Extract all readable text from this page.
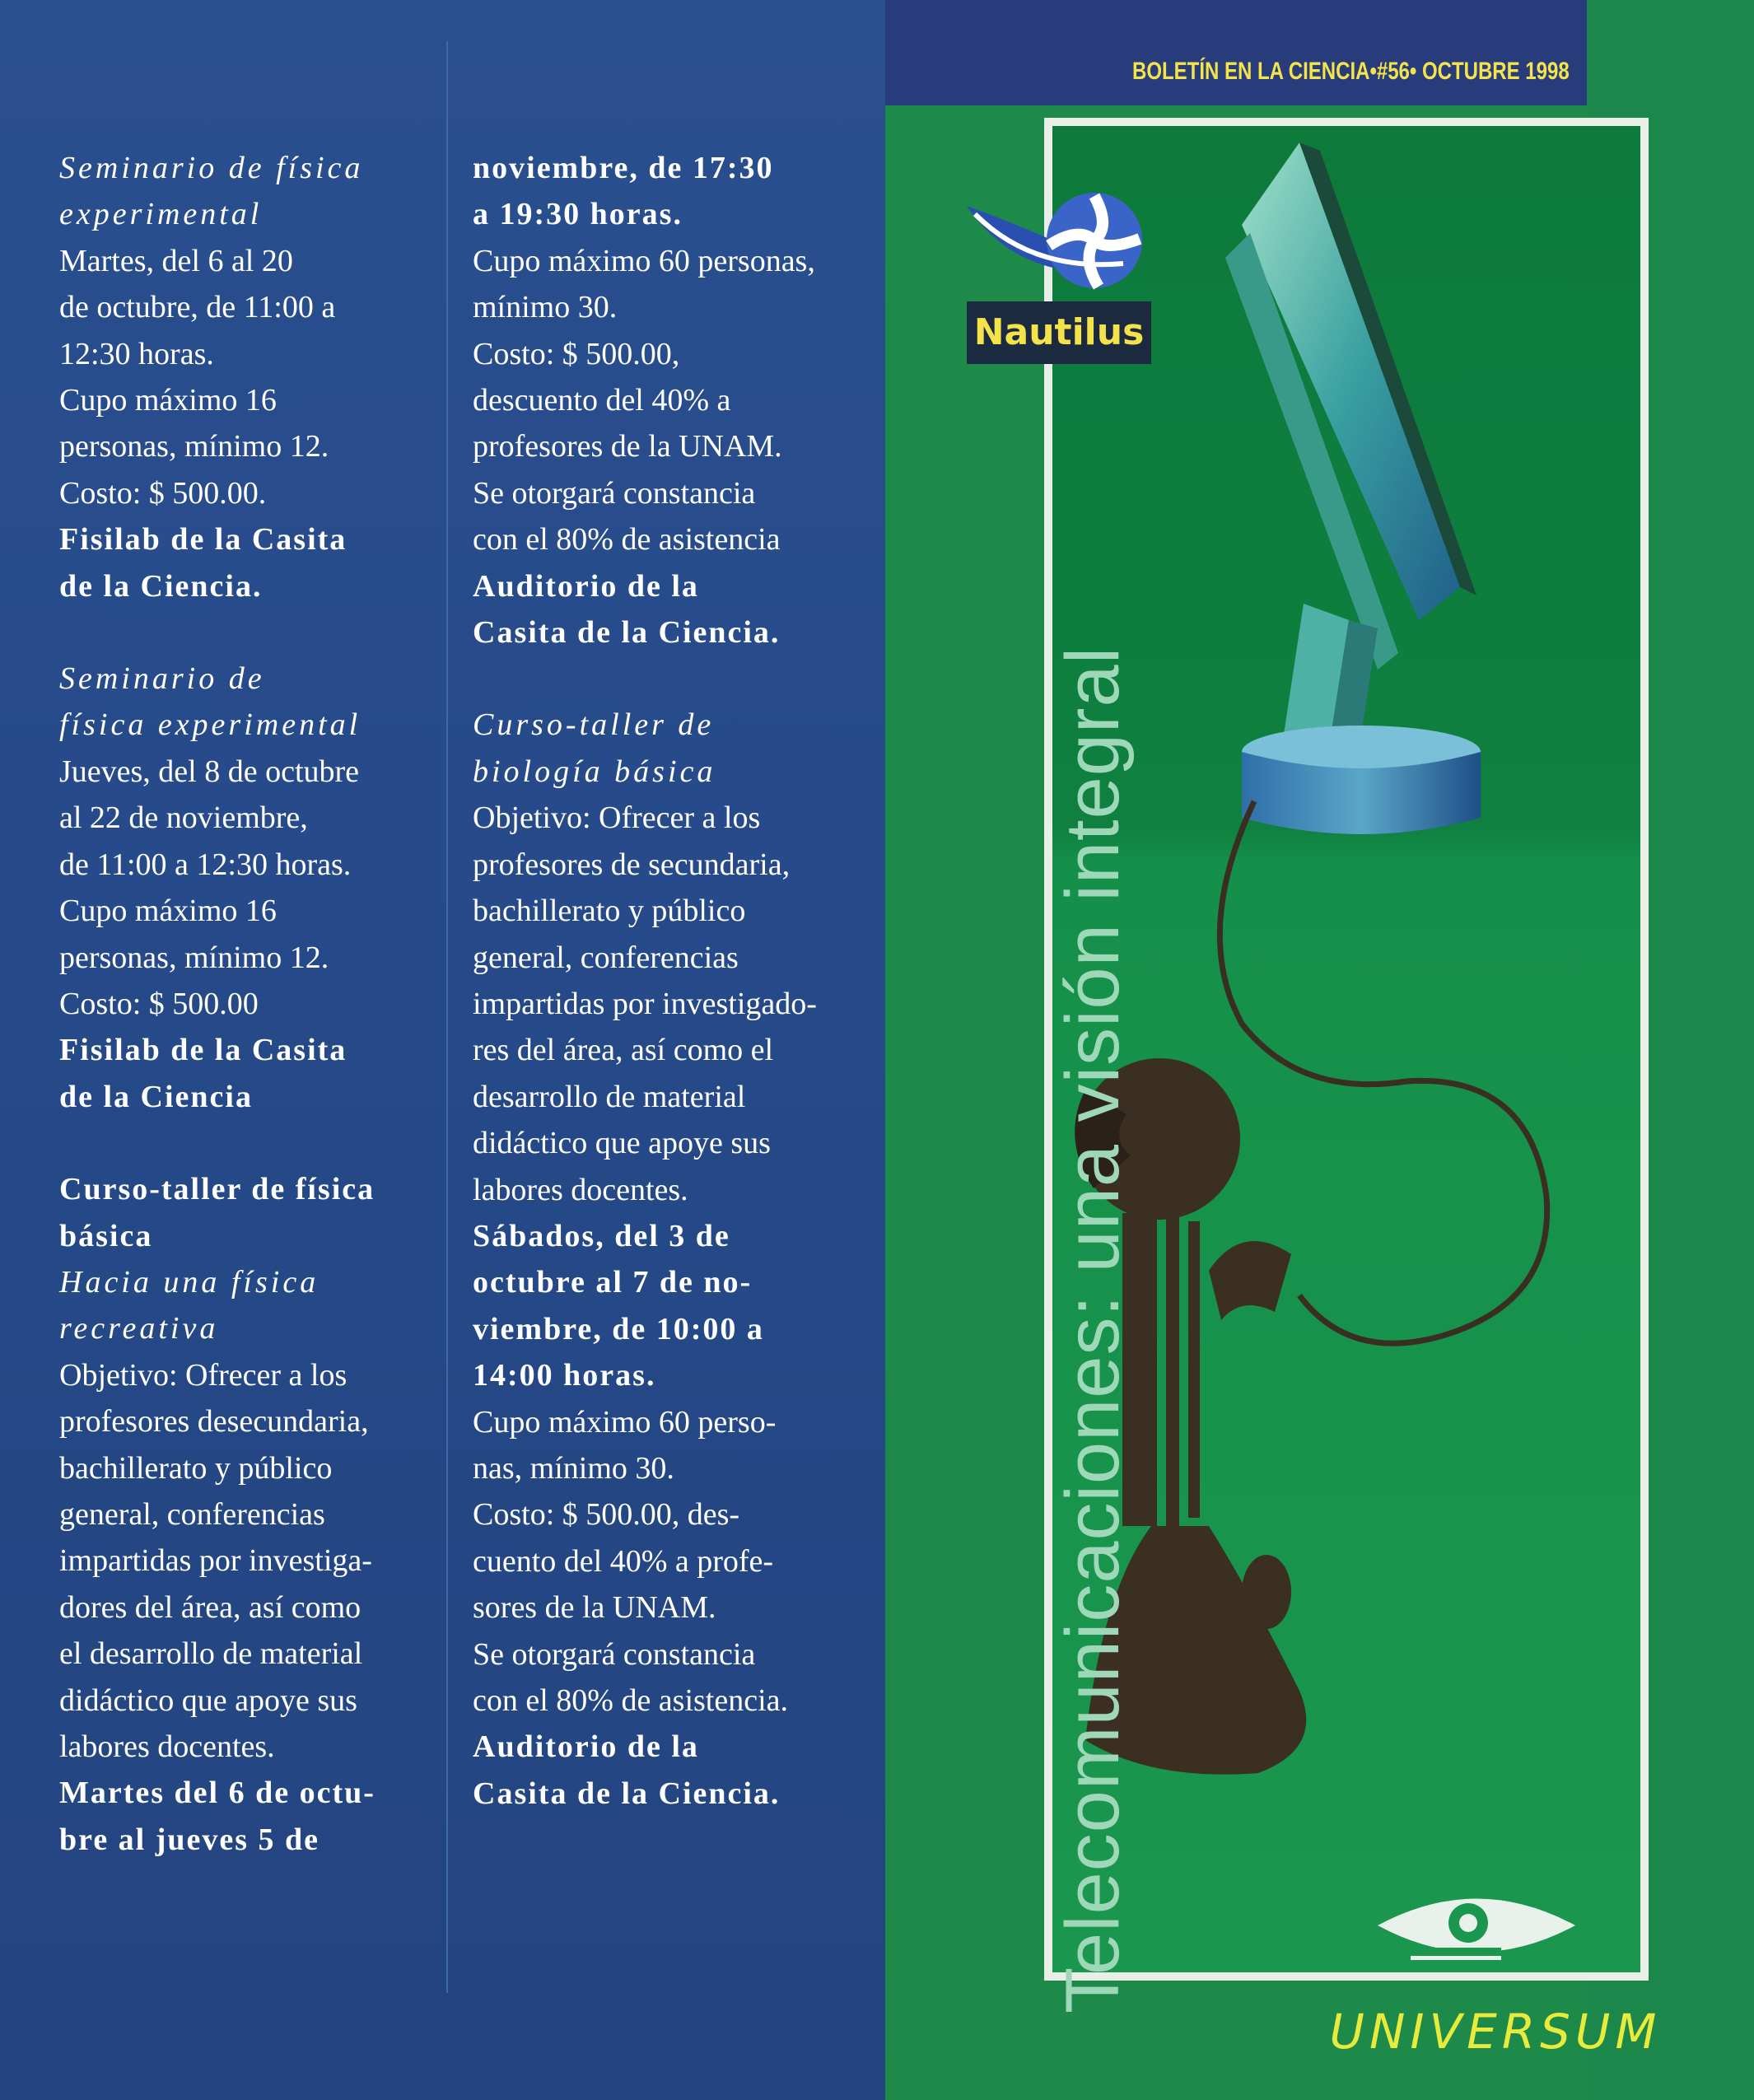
Seminario de física
experimental
Martes, del 6 al 20
de octubre, de 11:00 a
12:30 horas.
Cupo máximo 16
personas, mínimo 12.
Costo: $ 500.00.
Fisilab de la Casita
de la Ciencia.
Seminario de
física experimental
Jueves, del 8 de octubre
al 22 de noviembre,
de 11:00 a 12:30 horas.
Cupo máximo 16
personas, mínimo 12.
Costo: $ 500.00
Fisilab de la Casita
de la Ciencia
Curso-taller de física
básica
Hacia una física
recreativa
Objetivo: Ofrecer a los
profesores desecundaria,
bachillerato y público
general, conferencias
impartidas por investiga-
dores del área, así como
el desarrollo de material
didáctico que apoye sus
labores docentes.
Martes del 6 de octu-
bre al jueves 5 de
noviembre, de 17:30
a 19:30 horas.
Cupo máximo 60 personas,
mínimo 30.
Costo: $ 500.00,
descuento del 40% a
profesores de la UNAM.
Se otorgará constancia
con el 80% de asistencia
Auditorio de la
Casita de la Ciencia.
Curso-taller de
biología básica
Objetivo: Ofrecer a los
profesores de secundaria,
bachillerato y público
general, conferencias
impartidas por investigado-
res del área, así como el
desarrollo de material
didáctico que apoye sus
labores docentes.
Sábados, del 3 de
octubre al 7 de no-
viembre, de 10:00 a
14:00 horas.
Cupo máximo 60 perso-
nas, mínimo 30.
Costo: $ 500.00, des-
cuento del 40% a profe-
sores de la UNAM.
Se otorgará constancia
con el 80% de asistencia.
Auditorio de la
Casita de la Ciencia.
BOLETÍN EN LA CIENCIA•#56• OCTUBRE 1998
UNIVERSUM
Nautilus
Telecomunicaciones: una visión integral
